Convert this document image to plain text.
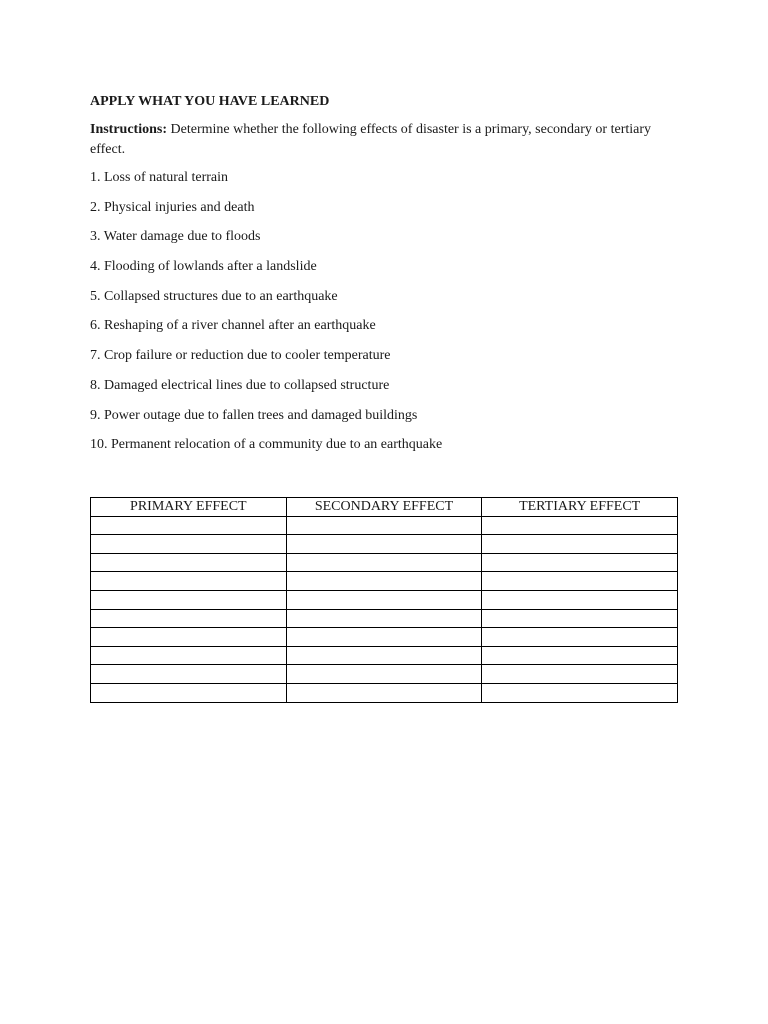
APPLY WHAT YOU HAVE LEARNED

Instructions: Determine whether the following effects of disaster is a primary, secondary or tertiary effect.

1. Loss of natural terrain
2. Physical injuries and death
3. Water damage due to floods
4. Flooding of lowlands after a landslide
5. Collapsed structures due to an earthquake
6. Reshaping of a river channel after an earthquake
7. Crop failure or reduction due to cooler temperature
8. Damaged electrical lines due to collapsed structure
9. Power outage due to fallen trees and damaged buildings
10. Permanent relocation of a community due to an earthquake
PRIMARY EFFECT	SECONDARY EFFECT	TERTIARY EFFECT
